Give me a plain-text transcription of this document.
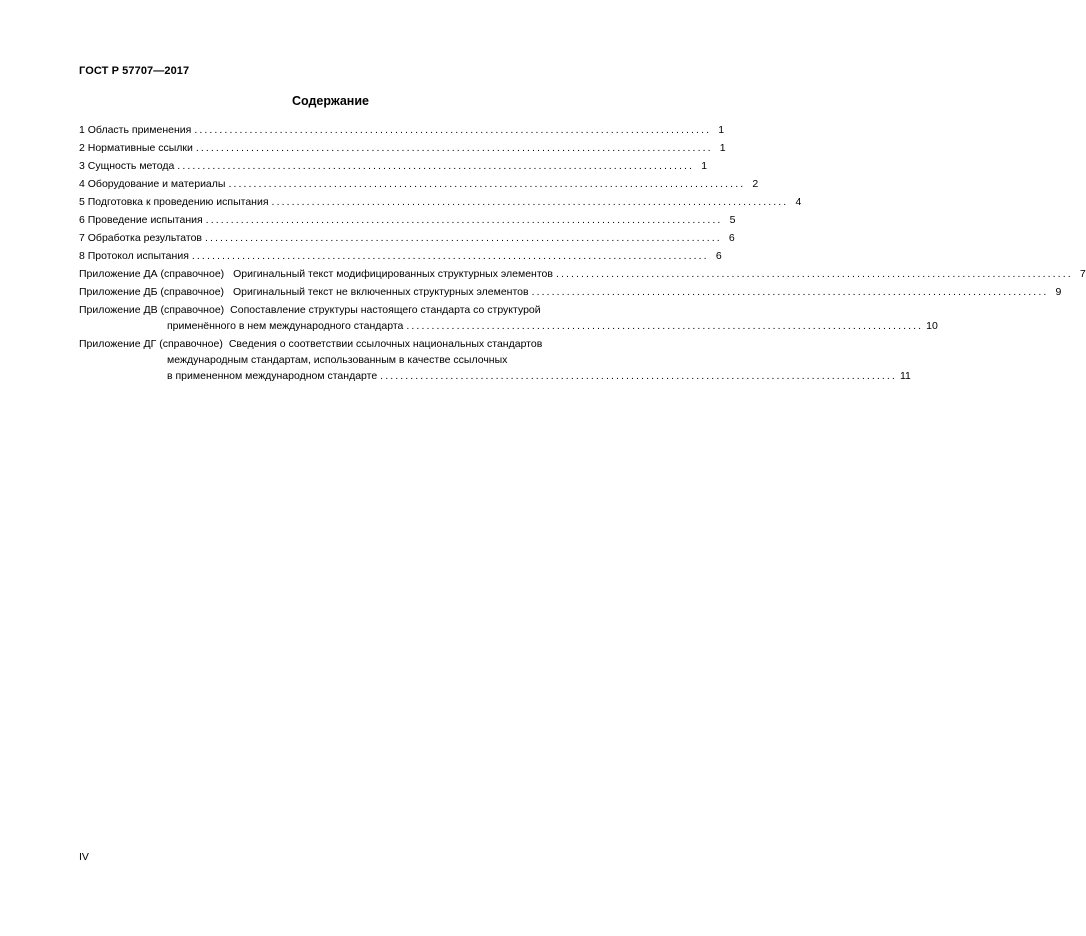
ГОСТ Р 57707—2017
Содержание
1 Область применения ....................................................................................................... 1
2 Нормативные ссылки ....................................................................................................... 1
3 Сущность метода ....................................................................................................... 1
4 Оборудование и материалы ....................................................................................................... 2
5 Подготовка к проведению испытания ....................................................................................................... 4
6 Проведение испытания ....................................................................................................... 5
7 Обработка результатов ....................................................................................................... 6
8 Протокол испытания ....................................................................................................... 6
Приложение ДА (справочное) Оригинальный текст модифицированных структурных элементов ....................................................................................................... 7
Приложение ДБ (справочное) Оригинальный текст не включенных структурных элементов ....................................................................................................... 9
Приложение ДВ (справочное) Сопоставление структуры настоящего стандарта со структурой
применённого в нем международного стандарта ....................................................................................................... 10
Приложение ДГ (справочное) Сведения о соответствии ссылочных национальных стандартов
международным стандартам, использованным в качестве ссылочных
в примененном международном стандарте ....................................................................................................... 11
IV
